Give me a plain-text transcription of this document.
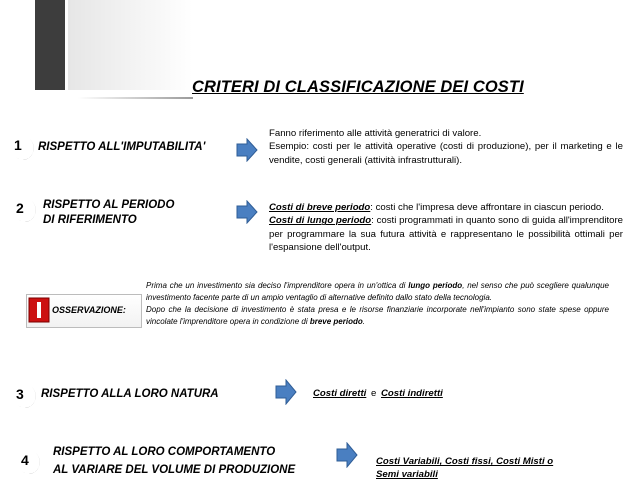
CRITERI DI CLASSIFICAZIONE DEI COSTI
1 RISPETTO ALL'IMPUTABILITA'
Fanno riferimento alle attività generatrici di valore.
Esempio: costi per le attività operative (costi di produzione), per il marketing e le vendite, costi generali (attività infrastrutturali).
2 RISPETTO AL PERIODO
DI RIFERIMENTO
Costi di breve periodo: costi che l'impresa deve affrontare in ciascun periodo.
Costi di lungo periodo: costi programmati in quanto sono di guida all'imprenditore per programmare la sua futura attività e rappresentano le possibilità ottimali per l'espansione dell'output.
OSSERVAZIONE:
Prima che un investimento sia deciso l'imprenditore opera in un'ottica di lungo periodo, nel senso che può scegliere qualunque investimento facente parte di un ampio ventaglio di alternative definito dallo stato della tecnologia.
Dopo che la decisione di investimento è stata presa e le risorse finanziarie incorporate nell'impianto sono state spese oppure vincolate l'imprenditore opera in condizione di breve periodo.
3 RISPETTO ALLA LORO NATURA	Costi diretti e Costi indiretti
4 RISPETTO AL LORO COMPORTAMENTO
AL VARIARE DEL VOLUME DI PRODUZIONE
Costi Variabili, Costi fissi, Costi Misti o
Semi variabili
